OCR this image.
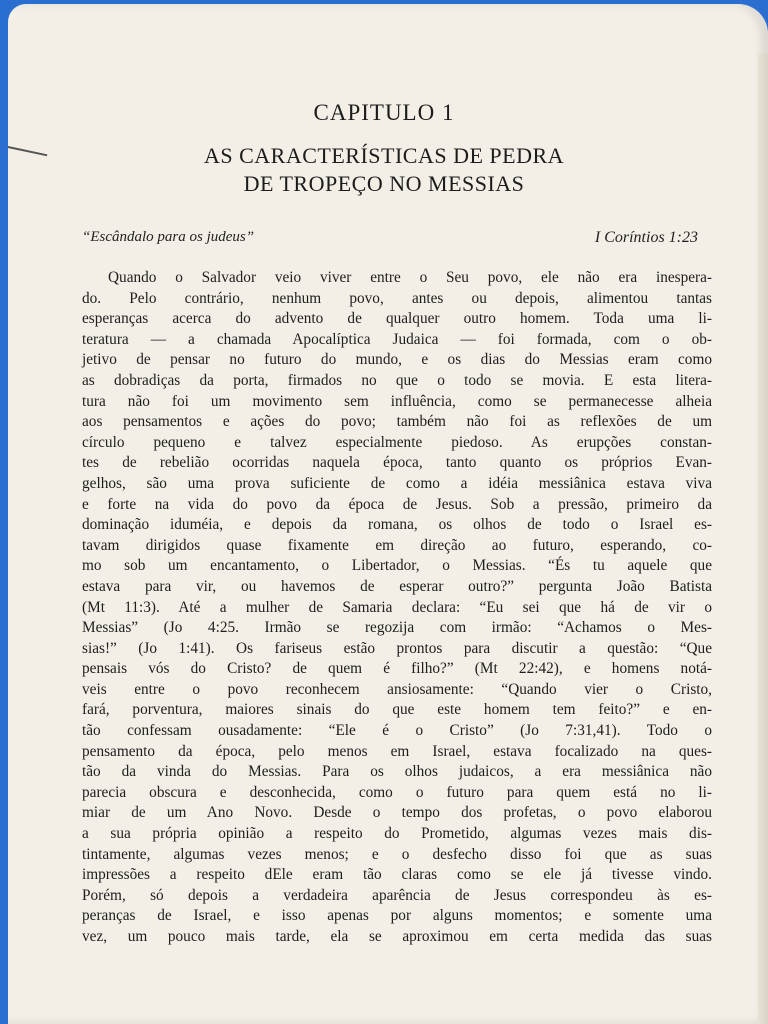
CAPITULO 1
AS CARACTERÍSTICAS DE PEDRA
DE TROPEÇO NO MESSIAS
“Escândalo para os judeus”	I Coríntios 1:23
Quando o Salvador veio viver entre o Seu povo, ele não era inespera-
do. Pelo contrário, nenhum povo, antes ou depois, alimentou tantas
esperanças acerca do advento de qualquer outro homem. Toda uma li-
teratura — a chamada Apocalíptica Judaica — foi formada, com o ob-
jetivo de pensar no futuro do mundo, e os dias do Messias eram como
as dobradiças da porta, firmados no que o todo se movia. E esta litera-
tura não foi um movimento sem influência, como se permanecesse alheia
aos pensamentos e ações do povo; também não foi as reflexões de um
círculo pequeno e talvez especialmente piedoso. As erupções constan-
tes de rebelião ocorridas naquela época, tanto quanto os próprios Evan-
gelhos, são uma prova suficiente de como a idéia messiânica estava viva
e forte na vida do povo da época de Jesus. Sob a pressão, primeiro da
dominação iduméia, e depois da romana, os olhos de todo o Israel es-
tavam dirigidos quase fixamente em direção ao futuro, esperando, co-
mo sob um encantamento, o Libertador, o Messias. “És tu aquele que
estava para vir, ou havemos de esperar outro?” pergunta João Batista
(Mt 11:3). Até a mulher de Samaria declara: “Eu sei que há de vir o
Messias” (Jo 4:25. Irmão se regozija com irmão: “Achamos o Mes-
sias!” (Jo 1:41). Os fariseus estão prontos para discutir a questão: “Que
pensais vós do Cristo? de quem é filho?” (Mt 22:42), e homens notá-
veis entre o povo reconhecem ansiosamente: “Quando vier o Cristo,
fará, porventura, maiores sinais do que este homem tem feito?” e en-
tão confessam ousadamente: “Ele é o Cristo” (Jo 7:31,41). Todo o
pensamento da época, pelo menos em Israel, estava focalizado na ques-
tão da vinda do Messias. Para os olhos judaicos, a era messiânica não
parecia obscura e desconhecida, como o futuro para quem está no li-
miar de um Ano Novo. Desde o tempo dos profetas, o povo elaborou
a sua própria opinião a respeito do Prometido, algumas vezes mais dis-
tintamente, algumas vezes menos; e o desfecho disso foi que as suas
impressões a respeito dEle eram tão claras como se ele já tivesse vindo.
Porém, só depois a verdadeira aparência de Jesus correspondeu às es-
peranças de Israel, e isso apenas por alguns momentos; e somente uma
vez, um pouco mais tarde, ela se aproximou em certa medida das suas
